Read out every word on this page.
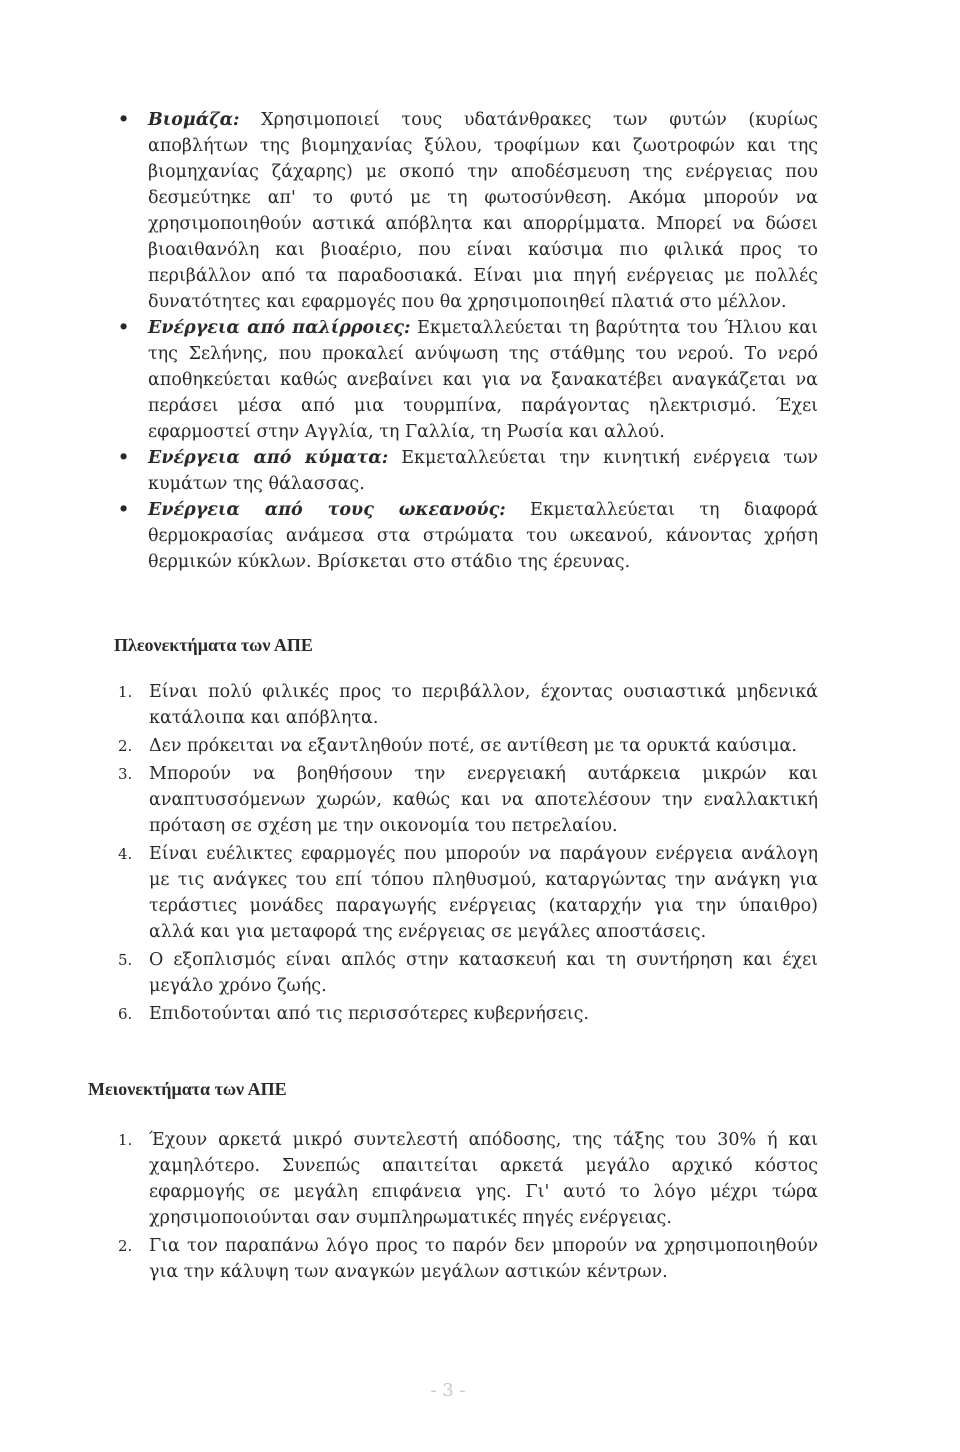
• Βιομάζα: Χρησιμοποιεί τους υδατάνθρακες των φυτών (κυρίως αποβλήτων της βιομηχανίας ξύλου, τροφίμων και ζωοτροφών και της βιομηχανίας ζάχαρης) με σκοπό την αποδέσμευση της ενέργειας που δεσμεύτηκε απ' το φυτό με τη φωτοσύνθεση. Ακόμα μπορούν να χρησιμοποιηθούν αστικά απόβλητα και απορρίμματα. Μπορεί να δώσει βιοαιθανόλη και βιοαέριο, που είναι καύσιμα πιο φιλικά προς το περιβάλλον από τα παραδοσιακά. Είναι μια πηγή ενέργειας με πολλές δυνατότητες και εφαρμογές που θα χρησιμοποιηθεί πλατιά στο μέλλον.
• Ενέργεια από παλίρροιες: Εκμεταλλεύεται τη βαρύτητα του Ήλιου και της Σελήνης, που προκαλεί ανύψωση της στάθμης του νερού. Το νερό αποθηκεύεται καθώς ανεβαίνει και για να ξανακατέβει αναγκάζεται να περάσει μέσα από μια τουρμπίνα, παράγοντας ηλεκτρισμό. Έχει εφαρμοστεί στην Αγγλία, τη Γαλλία, τη Ρωσία και αλλού.
• Ενέργεια από κύματα: Εκμεταλλεύεται την κινητική ενέργεια των κυμάτων της θάλασσας.
• Ενέργεια από τους ωκεανούς: Εκμεταλλεύεται τη διαφορά θερμοκρασίας ανάμεσα στα στρώματα του ωκεανού, κάνοντας χρήση θερμικών κύκλων. Βρίσκεται στο στάδιο της έρευνας.
Πλεονεκτήματα των ΑΠΕ
1. Είναι πολύ φιλικές προς το περιβάλλον, έχοντας ουσιαστικά μηδενικά κατάλοιπα και απόβλητα.
2. Δεν πρόκειται να εξαντληθούν ποτέ, σε αντίθεση με τα ορυκτά καύσιμα.
3. Μπορούν να βοηθήσουν την ενεργειακή αυτάρκεια μικρών και αναπτυσσόμενων χωρών, καθώς και να αποτελέσουν την εναλλακτική πρόταση σε σχέση με την οικονομία του πετρελαίου.
4. Είναι ευέλικτες εφαρμογές που μπορούν να παράγουν ενέργεια ανάλογη με τις ανάγκες του επί τόπου πληθυσμού, καταργώντας την ανάγκη για τεράστιες μονάδες παραγωγής ενέργειας (καταρχήν για την ύπαιθρο) αλλά και για μεταφορά της ενέργειας σε μεγάλες αποστάσεις.
5. Ο εξοπλισμός είναι απλός στην κατασκευή και τη συντήρηση και έχει μεγάλο χρόνο ζωής.
6. Επιδοτούνται από τις περισσότερες κυβερνήσεις.
Μειονεκτήματα των ΑΠΕ
1. Έχουν αρκετά μικρό συντελεστή απόδοσης, της τάξης του 30% ή και χαμηλότερο. Συνεπώς απαιτείται αρκετά μεγάλο αρχικό κόστος εφαρμογής σε μεγάλη επιφάνεια γης. Γι' αυτό το λόγο μέχρι τώρα χρησιμοποιούνται σαν συμπληρωματικές πηγές ενέργειας.
2. Για τον παραπάνω λόγο προς το παρόν δεν μπορούν να χρησιμοποιηθούν για την κάλυψη των αναγκών μεγάλων αστικών κέντρων.
- 3 -
